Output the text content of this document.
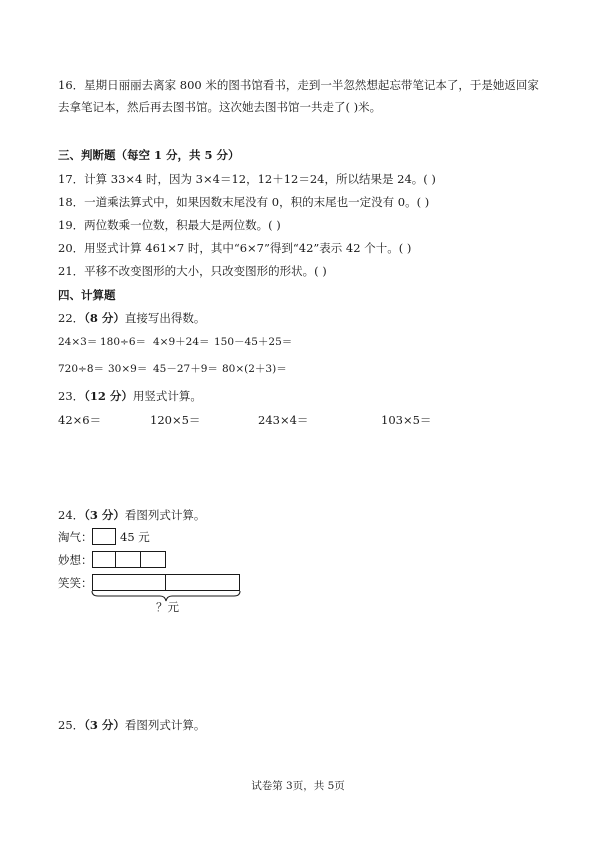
16．星期日丽丽去离家 800 米的图书馆看书，走到一半忽然想起忘带笔记本了，于是她返回家
去拿笔记本，然后再去图书馆。这次她去图书馆一共走了( )米。
三、判断题（每空 1 分，共 5 分）
17．计算 33×4 时，因为 3×4＝12，12＋12＝24，所以结果是 24。( )
18．一道乘法算式中，如果因数末尾没有 0，积的末尾也一定没有 0。( )
19．两位数乘一位数，积最大是两位数。( )
20．用竖式计算 461×7 时，其中“6×7”得到“42”表示 42 个十。( )
21．平移不改变图形的大小，只改变图形的形状。( )
四、计算题
22．（8 分）直接写出得数。
24×3＝ 180÷6＝ 4×9＋24＝ 150－45＋25＝
720÷8＝ 30×9＝ 45－27＋9＝ 80×(2＋3)＝
23．（12 分）用竖式计算。
42×6＝	120×5＝	243×4＝	103×5＝
24．（3 分）看图列式计算。
淘气： 45 元
妙想：
笑笑：
？元
25．（3 分）看图列式计算。
试卷第 3页，共 5页
